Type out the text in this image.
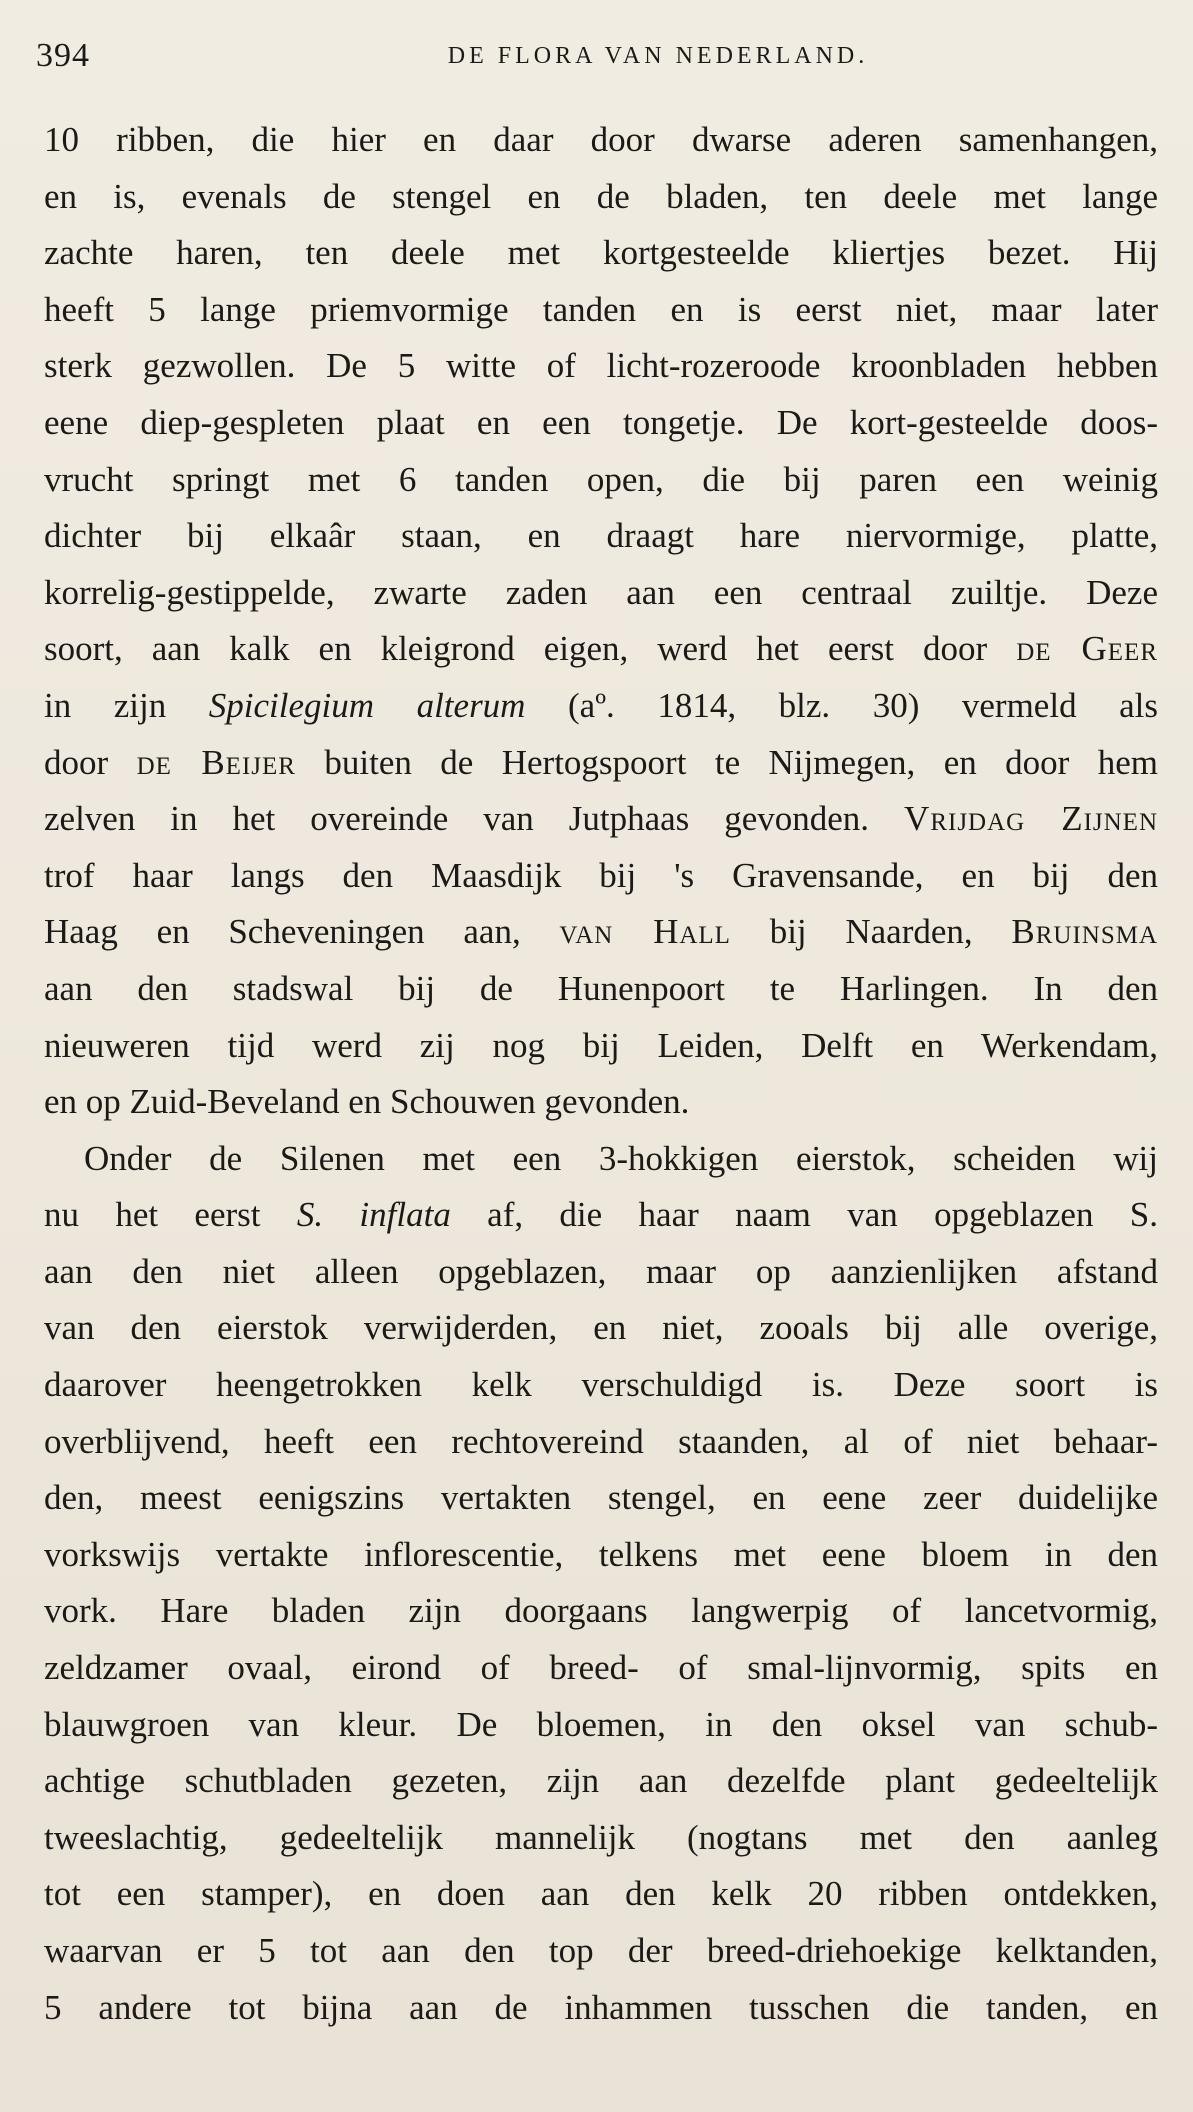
394	DE FLORA VAN NEDERLAND.
10 ribben, die hier en daar door dwarse aderen samenhangen,
en is, evenals de stengel en de bladen, ten deele met lange
zachte haren, ten deele met kortgesteelde kliertjes bezet. Hij
heeft 5 lange priemvormige tanden en is eerst niet, maar later
sterk gezwollen. De 5 witte of licht-rozeroode kroonbladen hebben
eene diep-gespleten plaat en een tongetje. De kort-gesteelde doos-
vrucht springt met 6 tanden open, die bij paren een weinig
dichter bij elkaâr staan, en draagt hare niervormige, platte,
korrelig-gestippelde, zwarte zaden aan een centraal zuiltje. Deze
soort, aan kalk en kleigrond eigen, werd het eerst door de Geer
in zijn Spicilegium alterum (aº. 1814, blz. 30) vermeld als
door de Beijer buiten de Hertogspoort te Nijmegen, en door hem
zelven in het overeinde van Jutphaas gevonden. Vrijdag Zijnen
trof haar langs den Maasdijk bij 's Gravensande, en bij den
Haag en Scheveningen aan, van Hall bij Naarden, Bruinsma
aan den stadswal bij de Hunenpoort te Harlingen. In den
nieuweren tijd werd zij nog bij Leiden, Delft en Werkendam,
en op Zuid-Beveland en Schouwen gevonden.
Onder de Silenen met een 3-hokkigen eierstok, scheiden wij
nu het eerst S. inflata af, die haar naam van opgeblazen S.
aan den niet alleen opgeblazen, maar op aanzienlijken afstand
van den eierstok verwijderden, en niet, zooals bij alle overige,
daarover heengetrokken kelk verschuldigd is. Deze soort is
overblijvend, heeft een rechtovereind staanden, al of niet behaar-
den, meest eenigszins vertakten stengel, en eene zeer duidelijke
vorkswijs vertakte inflorescentie, telkens met eene bloem in den
vork. Hare bladen zijn doorgaans langwerpig of lancetvormig,
zeldzamer ovaal, eirond of breed- of smal-lijnvormig, spits en
blauwgroen van kleur. De bloemen, in den oksel van schub-
achtige schutbladen gezeten, zijn aan dezelfde plant gedeeltelijk
tweeslachtig, gedeeltelijk mannelijk (nogtans met den aanleg
tot een stamper), en doen aan den kelk 20 ribben ontdekken,
waarvan er 5 tot aan den top der breed-driehoekige kelktanden,
5 andere tot bijna aan de inhammen tusschen die tanden, en
